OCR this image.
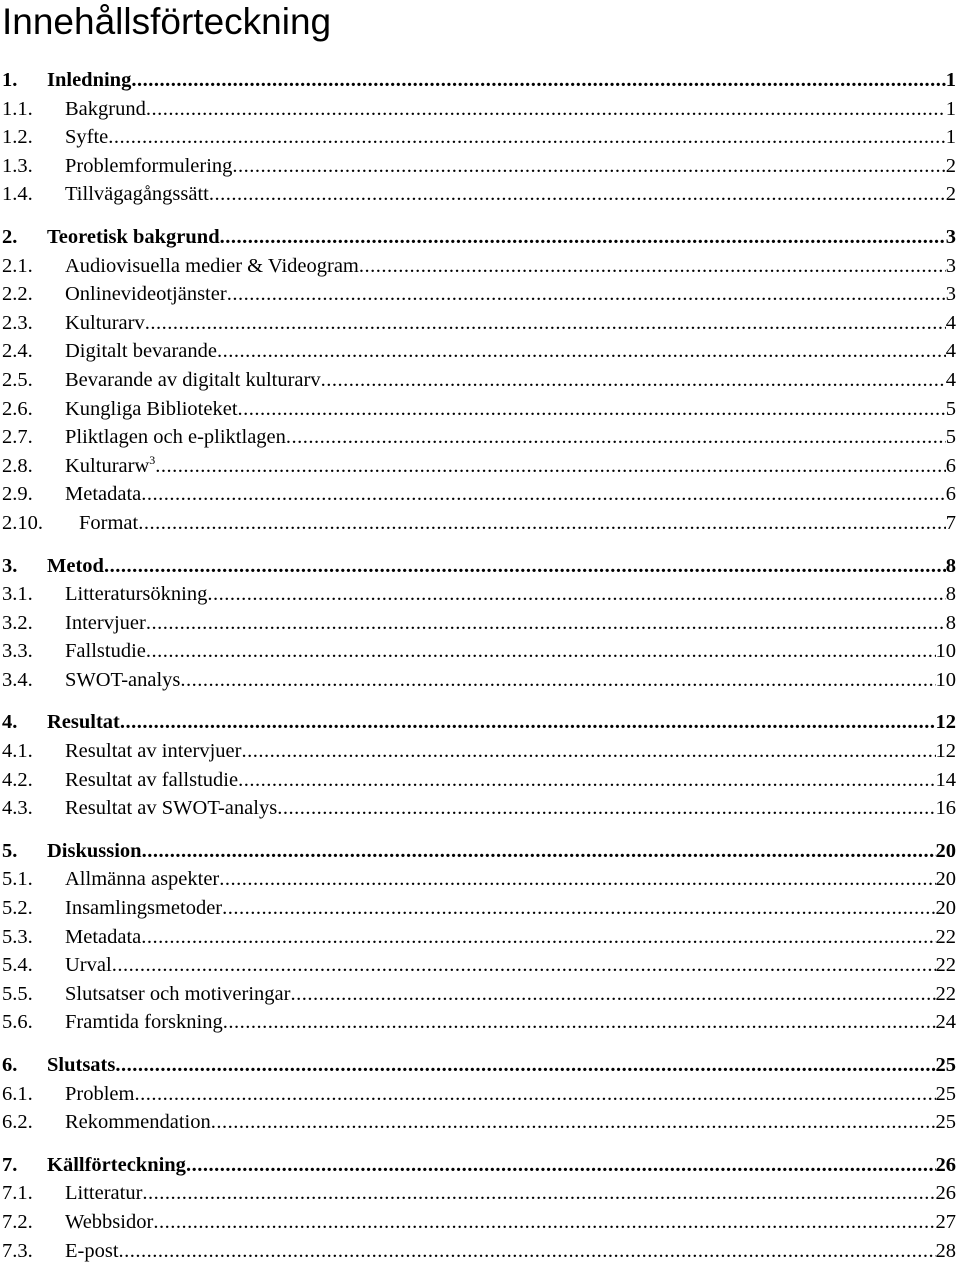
Innehållsförteckning
1. Inledning .....	1
1.1. Bakgrund .....	1
1.2. Syfte .....	1
1.3. Problemformulering .....	2
1.4. Tillvägagångssätt .....	2
2. Teoretisk bakgrund .....	3
2.1. Audiovisuella medier & Videogram .....	3
2.2. Onlinevideotjänster .....	3
2.3. Kulturarv .....	4
2.4. Digitalt bevarande .....	4
2.5. Bevarande av digitalt kulturarv .....	4
2.6. Kungliga Biblioteket .....	5
2.7. Pliktlagen och e-pliktlagen .....	5
2.8. Kulturarw$^3$ .....	6
2.9. Metadata .....	6
2.10. Format .....	7
3. Metod .....	8
3.1. Litteratursökning .....	8
3.2. Intervjuer .....	8
3.3. Fallstudie .....	10
3.4. SWOT-analys .....	10
4. Resultat .....	12
4.1. Resultat av intervjuer .....	12
4.2. Resultat av fallstudie .....	14
4.3. Resultat av SWOT-analys .....	16
5. Diskussion .....	20
5.1. Allmänna aspekter .....	20
5.2. Insamlingsmetoder .....	20
5.3. Metadata .....	22
5.4. Urval .....	22
5.5. Slutsatser och motiveringar .....	22
5.6. Framtida forskning .....	24
6. Slutsats .....	25
6.1. Problem .....	25
6.2. Rekommendation .....	25
7. Källförteckning .....	26
7.1. Litteratur .....	26
7.2. Webbsidor .....	27
7.3. E-post .....	28
